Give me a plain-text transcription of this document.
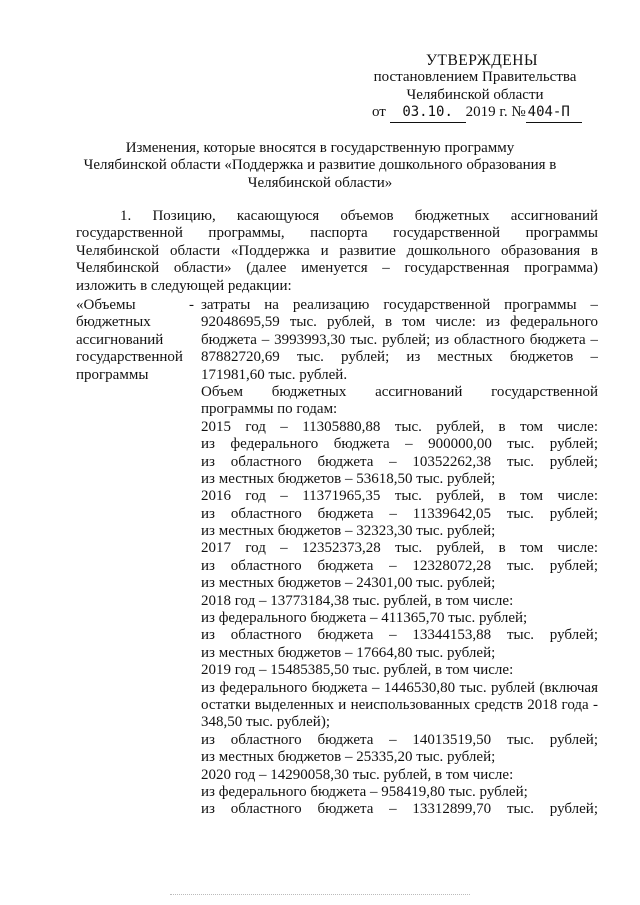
УТВЕРЖДЕНЫ
постановлением Правительства
Челябинской области
от 03.10. 2019 г. № 404-П
Изменения, которые вносятся в государственную программу
Челябинской области «Поддержка и развитие дошкольного образования в
Челябинской области»
1. Позицию, касающуюся объемов бюджетных ассигнований
государственной программы, паспорта государственной программы
Челябинской области «Поддержка и развитие дошкольного образования в
Челябинской области» (далее именуется – государственная программа)
изложить в следующей редакции:
«Объемы
бюджетных
ассигнований
государственной
программы
- затраты на реализацию государственной программы –
92048695,59 тыс. рублей, в том числе: из федерального
бюджета – 3993993,30 тыс. рублей; из областного бюджета –
87882720,69 тыс. рублей; из местных бюджетов –
171981,60 тыс. рублей.
Объем бюджетных ассигнований государственной
программы по годам:
2015 год – 11305880,88 тыс. рублей, в том числе:
из федерального бюджета – 900000,00 тыс. рублей;
из областного бюджета – 10352262,38 тыс. рублей;
из местных бюджетов – 53618,50 тыс. рублей;
2016 год – 11371965,35 тыс. рублей, в том числе:
из областного бюджета – 11339642,05 тыс. рублей;
из местных бюджетов – 32323,30 тыс. рублей;
2017 год – 12352373,28 тыс. рублей, в том числе:
из областного бюджета – 12328072,28 тыс. рублей;
из местных бюджетов – 24301,00 тыс. рублей;
2018 год – 13773184,38 тыс. рублей, в том числе:
из федерального бюджета – 411365,70 тыс. рублей;
из областного бюджета – 13344153,88 тыс. рублей;
из местных бюджетов – 17664,80 тыс. рублей;
2019 год – 15485385,50 тыс. рублей, в том числе:
из федерального бюджета – 1446530,80 тыс. рублей (включая
остатки выделенных и неиспользованных средств 2018 года -
348,50 тыс. рублей);
из областного бюджета – 14013519,50 тыс. рублей;
из местных бюджетов – 25335,20 тыс. рублей;
2020 год – 14290058,30 тыс. рублей, в том числе:
из федерального бюджета – 958419,80 тыс. рублей;
из областного бюджета – 13312899,70 тыс. рублей;
